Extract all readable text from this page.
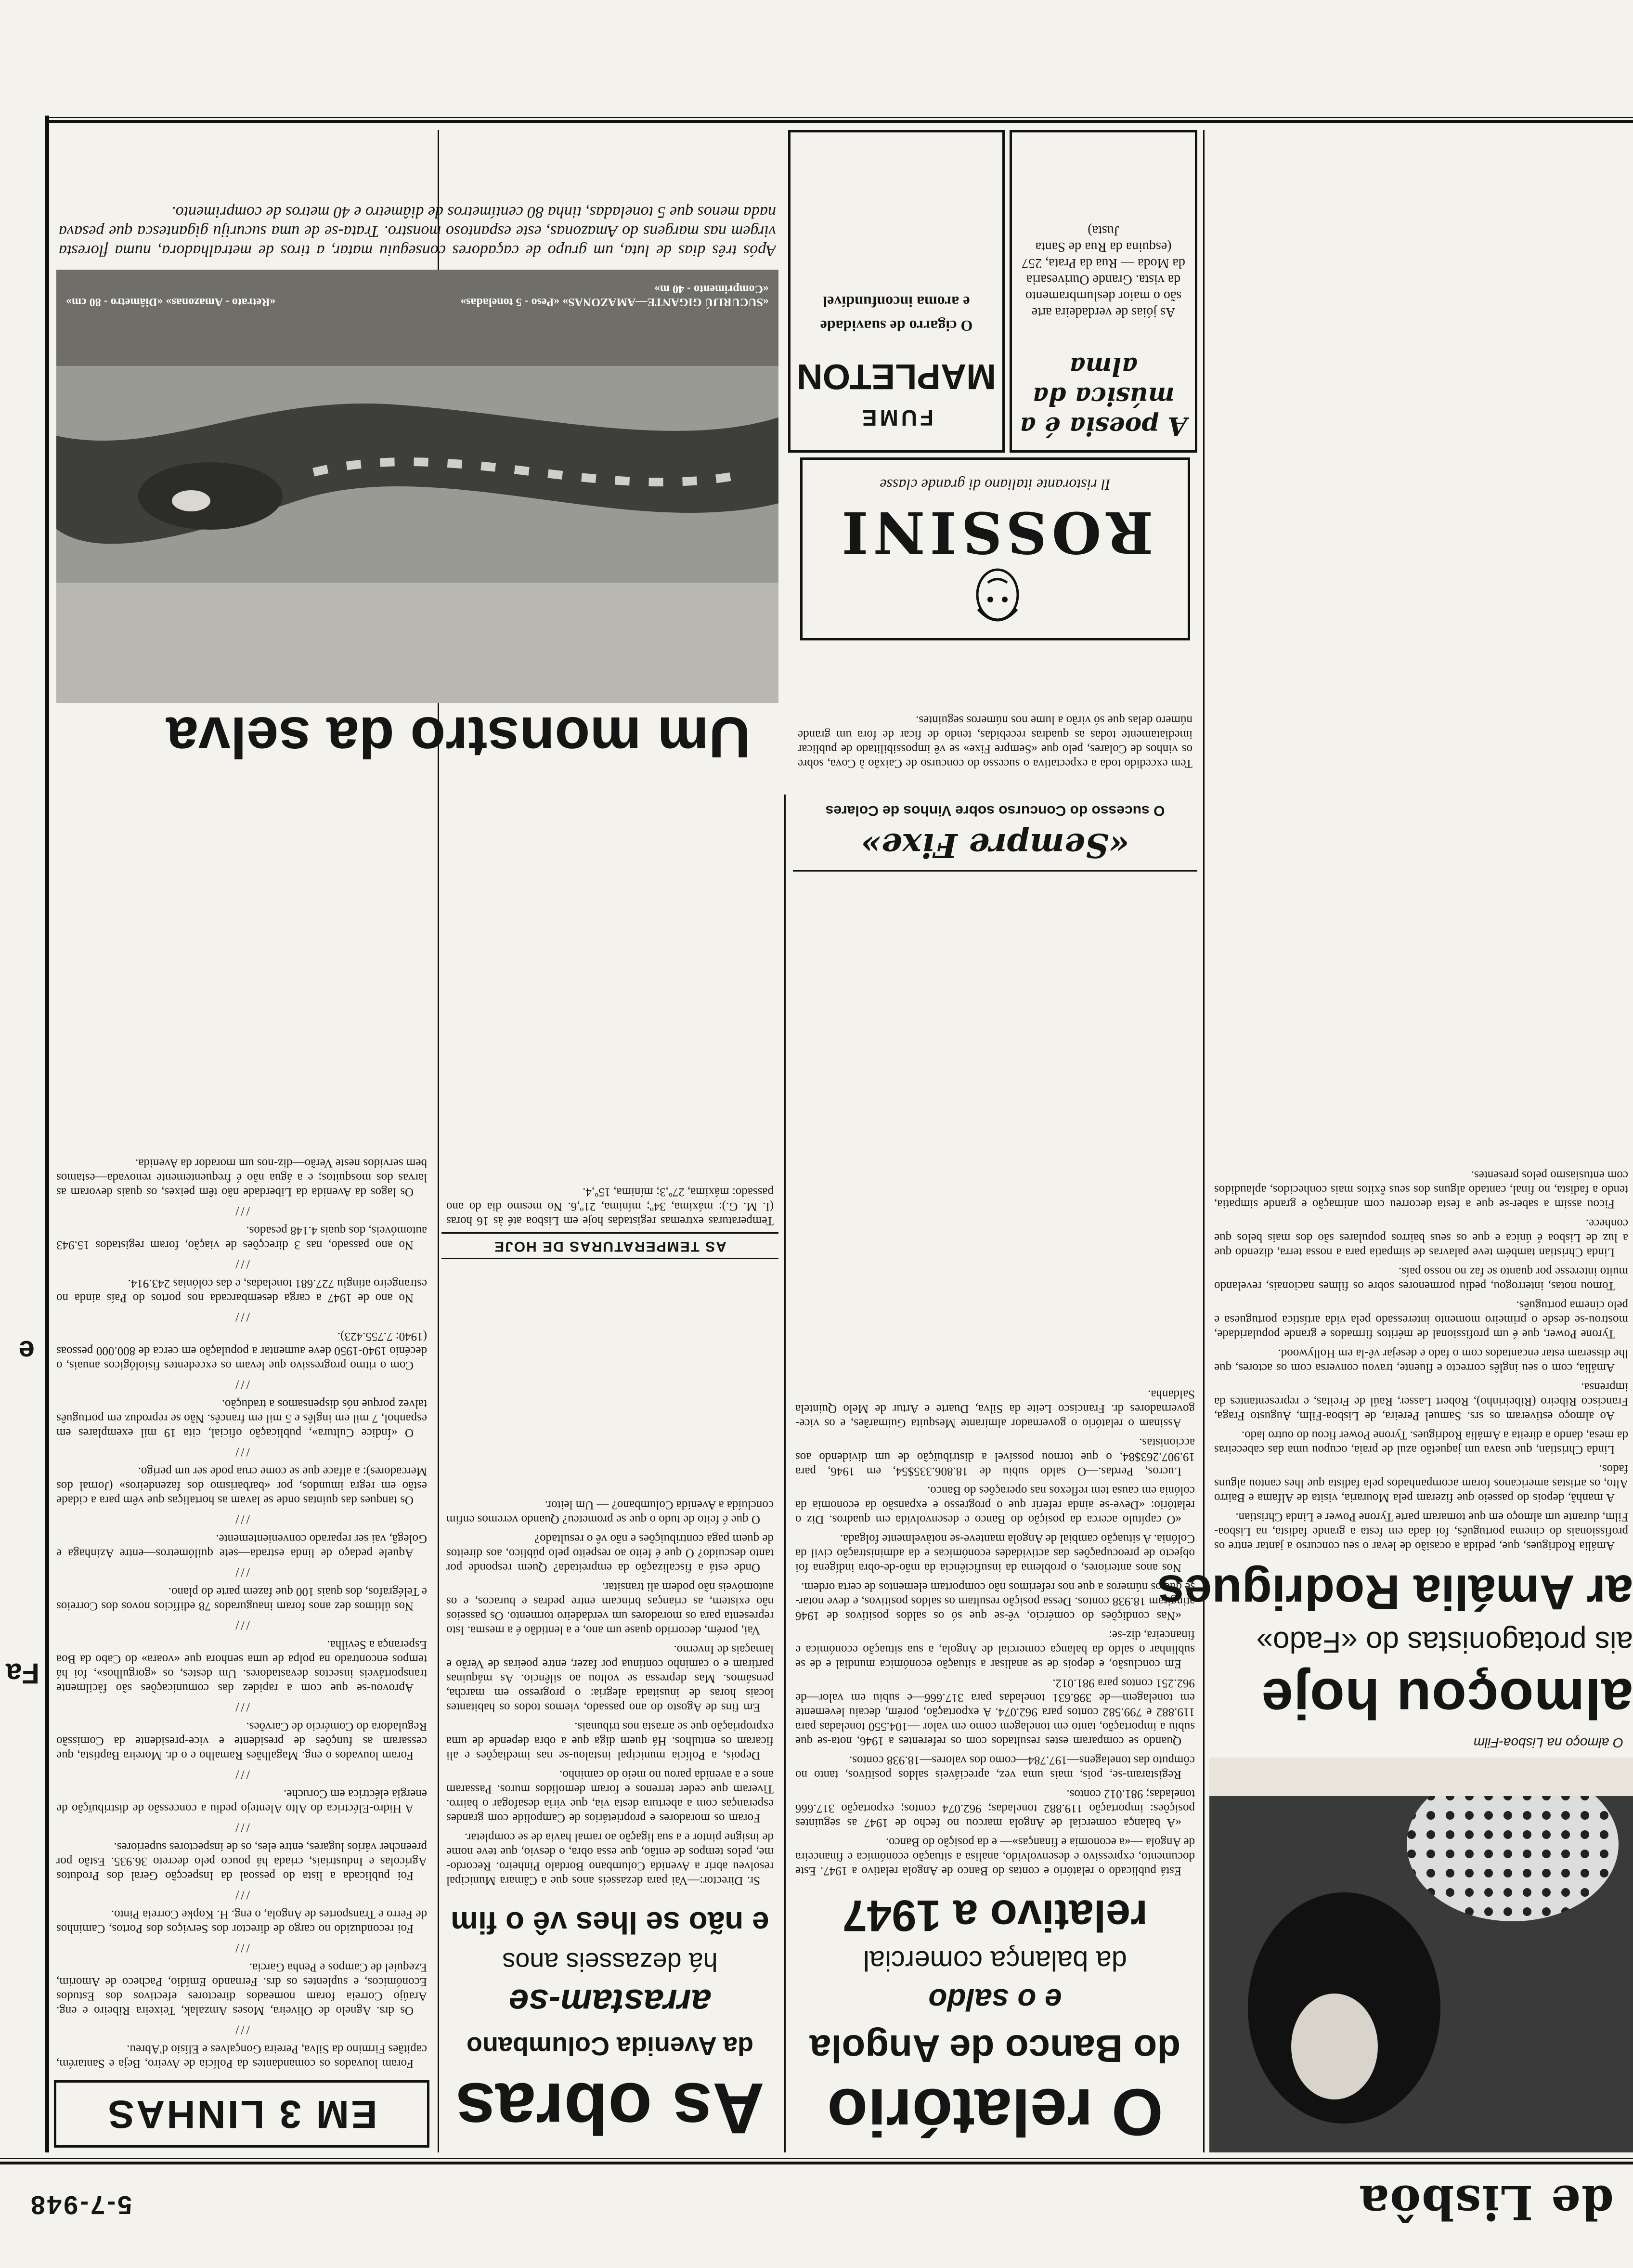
de Lisbôa
5-7-948
O almoço na Lisboa-Film
almoçou hoje
ais protagonistas do «Fado»
ar Amália Rodrigues

Amália Rodrigues, que, pedida a ocasião de levar o seu concurso a jantar entre os profissionais do cinema português, foi dada em festa a grande fadista, na Lisboa-Film, durante um almoço em que tomaram parte Tyrone Power e Linda Christian.

A manhã, depois do passeio que fizeram pela Mouraria, visita de Alfama e Bairro Alto, os artistas americanos foram acompanhados pela fadista que lhes cantou alguns fados.

Linda Christian, que usava um jaquetão azul de praia, ocupou uma das cabeceiras da mesa, dando a direita a Amália Rodrigues. Tyrone Power ficou do outro lado.

Ao almoço estiveram os srs. Samuel Pereira, de Lisboa-Film, Augusto Fraga, Francisco Ribeiro (Ribeirinho), Robert Lasser, Raúl de Freitas, e representantes da imprensa.

Amália, com o seu inglês correcto e fluente, travou conversa com os actores, que lhe disseram estar encantados com o fado e desejar vê-la em Hollywood.

Tyrone Power, que é um profissional de méritos firmados e grande popularidade, mostrou-se desde o primeiro momento interessado pela vida artística portuguesa e pelo cinema português.

Tomou notas, interrogou, pediu pormenores sobre os filmes nacionais, revelando muito interesse por quanto se faz no nosso país.

Linda Christian também teve palavras de simpatia para a nossa terra, dizendo que a luz de Lisboa é única e que os seus bairros populares são dos mais belos que conhece.

Ficou assim a saber-se que a festa decorreu com animação e grande simpatia, tendo a fadista, no final, cantado alguns dos seus êxitos mais conhecidos, aplaudidos com entusiasmo pelos presentes.

O relatório
do Banco de Angola
e o saldo
da balança comercial
relativo a 1947

Está publicado o relatório e contas do Banco de Angola relativo a 1947. Este documento, expressivo e desenvolvido, analisa a situação económica e financeira de Angola —«a economia e finanças»— e da posição do Banco.

«A balança comercial de Angola marcou no fecho de 1947 as seguintes posições: importação 119.882 toneladas; 962.074 contos; exportação 317.666 toneladas; 981.012 contos.

Registaram-se, pois, mais uma vez, apreciáveis saldos positivos, tanto no cômputo das tonelagens—197.784—como dos valores—18.938 contos.

Quando se comparam estes resultados com os referentes a 1946, nota-se que subiu a importação, tanto em tonelagem como em valor —104.550 toneladas para 119.882 e 799.582 contos para 962.074. A exportação, porém, decaiu levemente em tonelagem—de 398.631 toneladas para 317.666—e subiu em valor—de 962.251 contos para 981.012.

Em conclusão, e depois de se analisar a situação económica mundial e de se sublinhar o saldo da balança comercial de Angola, a sua situação económica e financeira, diz-se:

«Nas condições do comércio, vê-se que só os saldos positivos de 1946 atingiram 18.938 contos. Dessa posição resultam os saldos positivos, e deve notar-se que os números a que nos referimos não comportam elementos de certa ordem.

Nos anos anteriores, o problema da insuficiência da mão-de-obra indígena foi objecto de preocupações das actividades económicas e da administração civil da Colónia. A situação cambial de Angola manteve-se notàvelmente folgada.

«O capítulo acerca da posição do Banco e desenvolvida em quadros. Diz o relatório: «Deve-se ainda referir que o progresso e expansão da economia da colónia em causa tem reflexos nas operações do Banco.

Lucros, Perdas.—O saldo subiu de 18.806.335$54, em 1946, para 19.907.263$84, o que tornou possível a distribuïção de um dividendo aos accionistas.

Assinam o relatório o governador almirante Mesquita Guimarães, e os vice-governadores dr. Francisco Leite da Silva, Duarte e Artur de Melo Quintela Saldanha.

«Sempre Fixe»
O sucesso do Concurso sobre Vinhos de Colares
Tem excedido toda a expectativa o sucesso do concurso de Caixão à Cova, sobre os vinhos de Colares, pelo que «Sempre Fixe» se vê impossibilitado de publicar imediatamente todas as quadras recebidas, tendo de ficar de fora um grande número delas que só virão a lume nos números seguintes.
ROSSINI
Il ristorante italiano di grande classe
As obras
da Avenida Columbano
arrastam-se
há dezasseis anos
e não se lhes vê o fim

Sr. Director:—Vai para dezasseis anos que a Câmara Municipal resolveu abrir a Avenida Columbano Bordalo Pinheiro. Recordo-me, pelos tempos de então, que essa obra, o desvio, que teve nome de insigne pintor e a sua ligação ao ramal havia de se completar.

Foram os moradores e proprietários de Campolide com grandes esperanças com a abertura desta via, que viria desafogar o bairro. Tiveram que ceder terrenos e foram demolidos muros. Passaram anos e a avenida parou no meio do caminho.

Depois, a Polícia municipal instalou-se nas imediações e ali ficaram os entulhos. Há quem diga que a obra depende de uma expropriação que se arrasta nos tribunais.

Em fins de Agosto do ano passado, viemos todos os habitantes locais horas de inusitada alegria: o progresso em marcha, pensámos. Mas depressa se voltou ao silêncio. As máquinas partiram e o caminho continua por fazer, entre poeiras de Verão e lamaçais de Inverno.

Vai, porém, decorrido quase um ano, e a lentidão é a mesma. Isto representa para os moradores um verdadeiro tormento. Os passeios não existem, as crianças brincam entre pedras e buracos, e os automóveis não podem ali transitar.

Onde está a fiscalização da empreitada? Quem responde por tanto descuido? O que é feito ao respeito pelo público, aos direitos de quem paga contribuições e não vê o resultado?

O que é feito de tudo o que se prometeu? Quando veremos enfim concluída a Avenida Columbano? — Um leitor.

AS TEMPERATURAS DE HOJE
Temperaturas extremas registadas hoje em Lisboa até às 16 horas (I. M. G.): máxima, 34º; mínima, 21º,6. No mesmo dia do ano passado: máxima, 27º,3; mínima, 15º,4.
Um monstro da selva
EM 3 LINHAS

Foram louvados os comandantes da Polícia de Aveiro, Beja e Santarém, capitães Firmino da Silva, Pereira Gonçalves e Elísio d'Abreu.

///

Os drs. Agnelo de Oliveira, Moses Amzalak, Teixeira Ribeiro e eng. Araújo Correia foram nomeados directores efectivos dos Estudos Económicos, e suplentes os drs. Fernando Emídio, Pacheco de Amorim, Ezequiel de Campos e Penha Garcia.

///

Foi reconduzido no cargo de director dos Serviços dos Portos, Caminhos de Ferro e Transportes de Angola, o eng. H. Kopke Correia Pinto.

///

Foi publicada a lista do pessoal da Inspecção Geral dos Produtos Agrícolas e Industriais, criada há pouco pelo decreto 36.935. Estão por preencher vários lugares, entre eles, os de inspectores superiores.

///

A Hidro-Eléctrica do Alto Alentejo pediu a concessão de distribuïção de energia eléctrica em Coruche.

///

Foram louvados o eng. Magalhães Ramalho e o dr. Moreira Baptista, que cessaram as funções de presidente e vice-presidente da Comissão Reguladora do Comércio de Carvões.

///

Aprovou-se que com a rapidez das comunicações são fàcilmente transportáveis insectos devastadores. Um destes, os «gorgulhos», foi há tempos encontrado na polpa de uma senhora que «voara» do Cabo da Boa Esperança a Sevilha.

///

Nos últimos dez anos foram inaugurados 78 edifícios novos dos Correios e Telégrafos, dos quais 100 que fazem parte do plano.

///

Aquele pedaço de linda estrada—sete quilómetros—entre Azinhaga e Golegã, vai ser reparado convenientemente.

///

Os tanques das quintas onde se lavam as hortaliças que vêm para a cidade estão em regra imundos, por «barbarismo dos fazendeiros» (Jornal dos Mercadores): a alface que se come crua pode ser um perigo.

///

O «Índice Cultura», publicação oficial, cita 19 mil exemplares em espanhol, 7 mil em inglês e 5 mil em francês. Não se reproduz em português talvez porque nós dispensamos a tradução.

///

Com o ritmo progressivo que levam os excedentes fisiológicos anuais, o decénio 1940-1950 deve aumentar a população em cerca de 800.000 pessoas (1940: 7.755.423).

///

No ano de 1947 a carga desembarcada nos portos do País ainda no estrangeiro atingiu 727.681 toneladas, e das colónias 243.914.

///

No ano passado, nas 3 direcções de viação, foram registados 15.943 automóveis, dos quais 4.148 pesados.

///

Os lagos da Avenida da Liberdade não têm peixes, os quais devoram as larvas dos mosquitos; e a água não é frequentemente renovada—estamos bem servidos neste Verão—diz-nos um morador da Avenida.

«SUCURIJÚ GIGANTE—AMAZONAS» «Peso - 5 toneladas» «Comprimento - 40 m»
«Retrato - Amazonas» «Diâmetro - 80 cm»
Após três dias de luta, um grupo de caçadores conseguiu matar, a tiros de metralhadora, numa floresta virgem nas margens do Amazonas, este espantoso monstro. Trata-se de uma sucuriju gigantesca que pesava nada menos que 5 toneladas, tinha 80 centímetros de diâmetro e 40 metros de comprimento.
A poesia é a música da alma
As jóias de verdadeira arte são o maior deslumbramento da vista. Grande Ourivesaria da Moda — Rua da Prata, 257 (esquina da Rua de Santa Justa)
FUME
MAPLETON
O cigarro de suavidade
e aroma inconfundível
Fa
e
